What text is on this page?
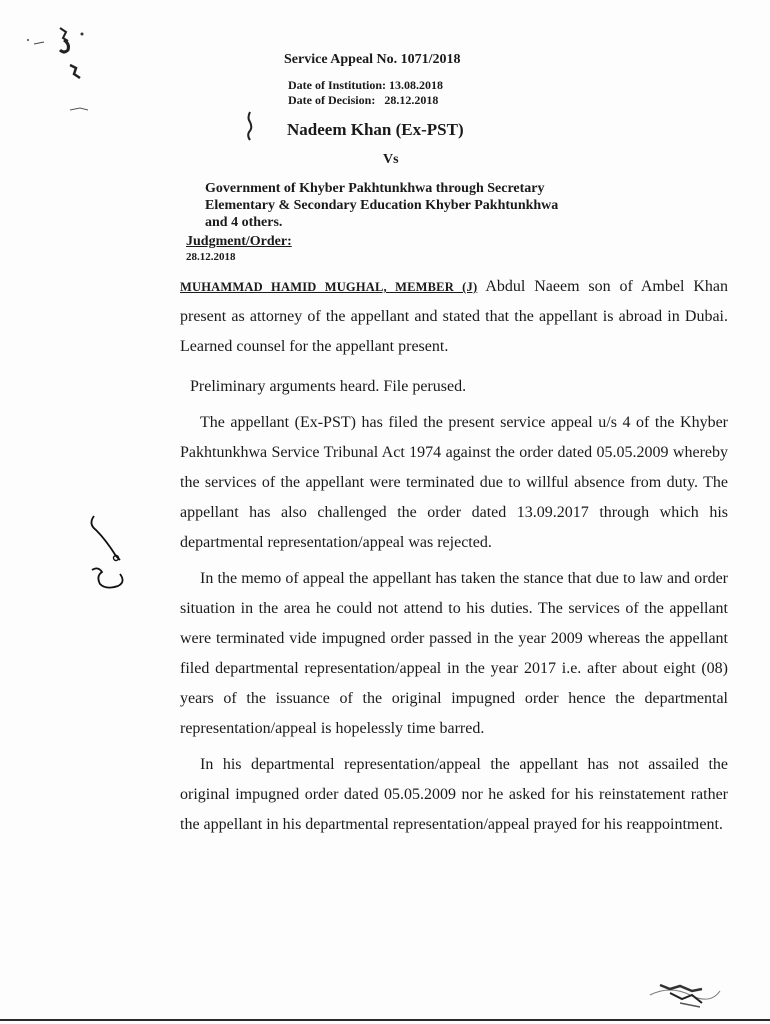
Service Appeal No. 1071/2018
Date of Institution: 13.08.2018
Date of Decision: 28.12.2018
Nadeem Khan (Ex-PST)
Vs
Government of Khyber Pakhtunkhwa through Secretary
Elementary & Secondary Education Khyber Pakhtunkhwa
and 4 others.
Judgment/Order:
28.12.2018

MUHAMMAD HAMID MUGHAL, MEMBER (J) Abdul Naeem son of Ambel Khan present as attorney of the appellant and stated that the appellant is abroad in Dubai. Learned counsel for the appellant present.

Preliminary arguments heard. File perused.

The appellant (Ex-PST) has filed the present service appeal u/s 4 of the Khyber Pakhtunkhwa Service Tribunal Act 1974 against the order dated 05.05.2009 whereby the services of the appellant were terminated due to willful absence from duty. The appellant has also challenged the order dated 13.09.2017 through which his departmental representation/appeal was rejected.

In the memo of appeal the appellant has taken the stance that due to law and order situation in the area he could not attend to his duties. The services of the appellant were terminated vide impugned order passed in the year 2009 whereas the appellant filed departmental representation/appeal in the year 2017 i.e. after about eight (08) years of the issuance of the original impugned order hence the departmental representation/appeal is hopelessly time barred.

In his departmental representation/appeal the appellant has not assailed the original impugned order dated 05.05.2009 nor he asked for his reinstatement rather the appellant in his departmental representation/appeal prayed for his reappointment.
